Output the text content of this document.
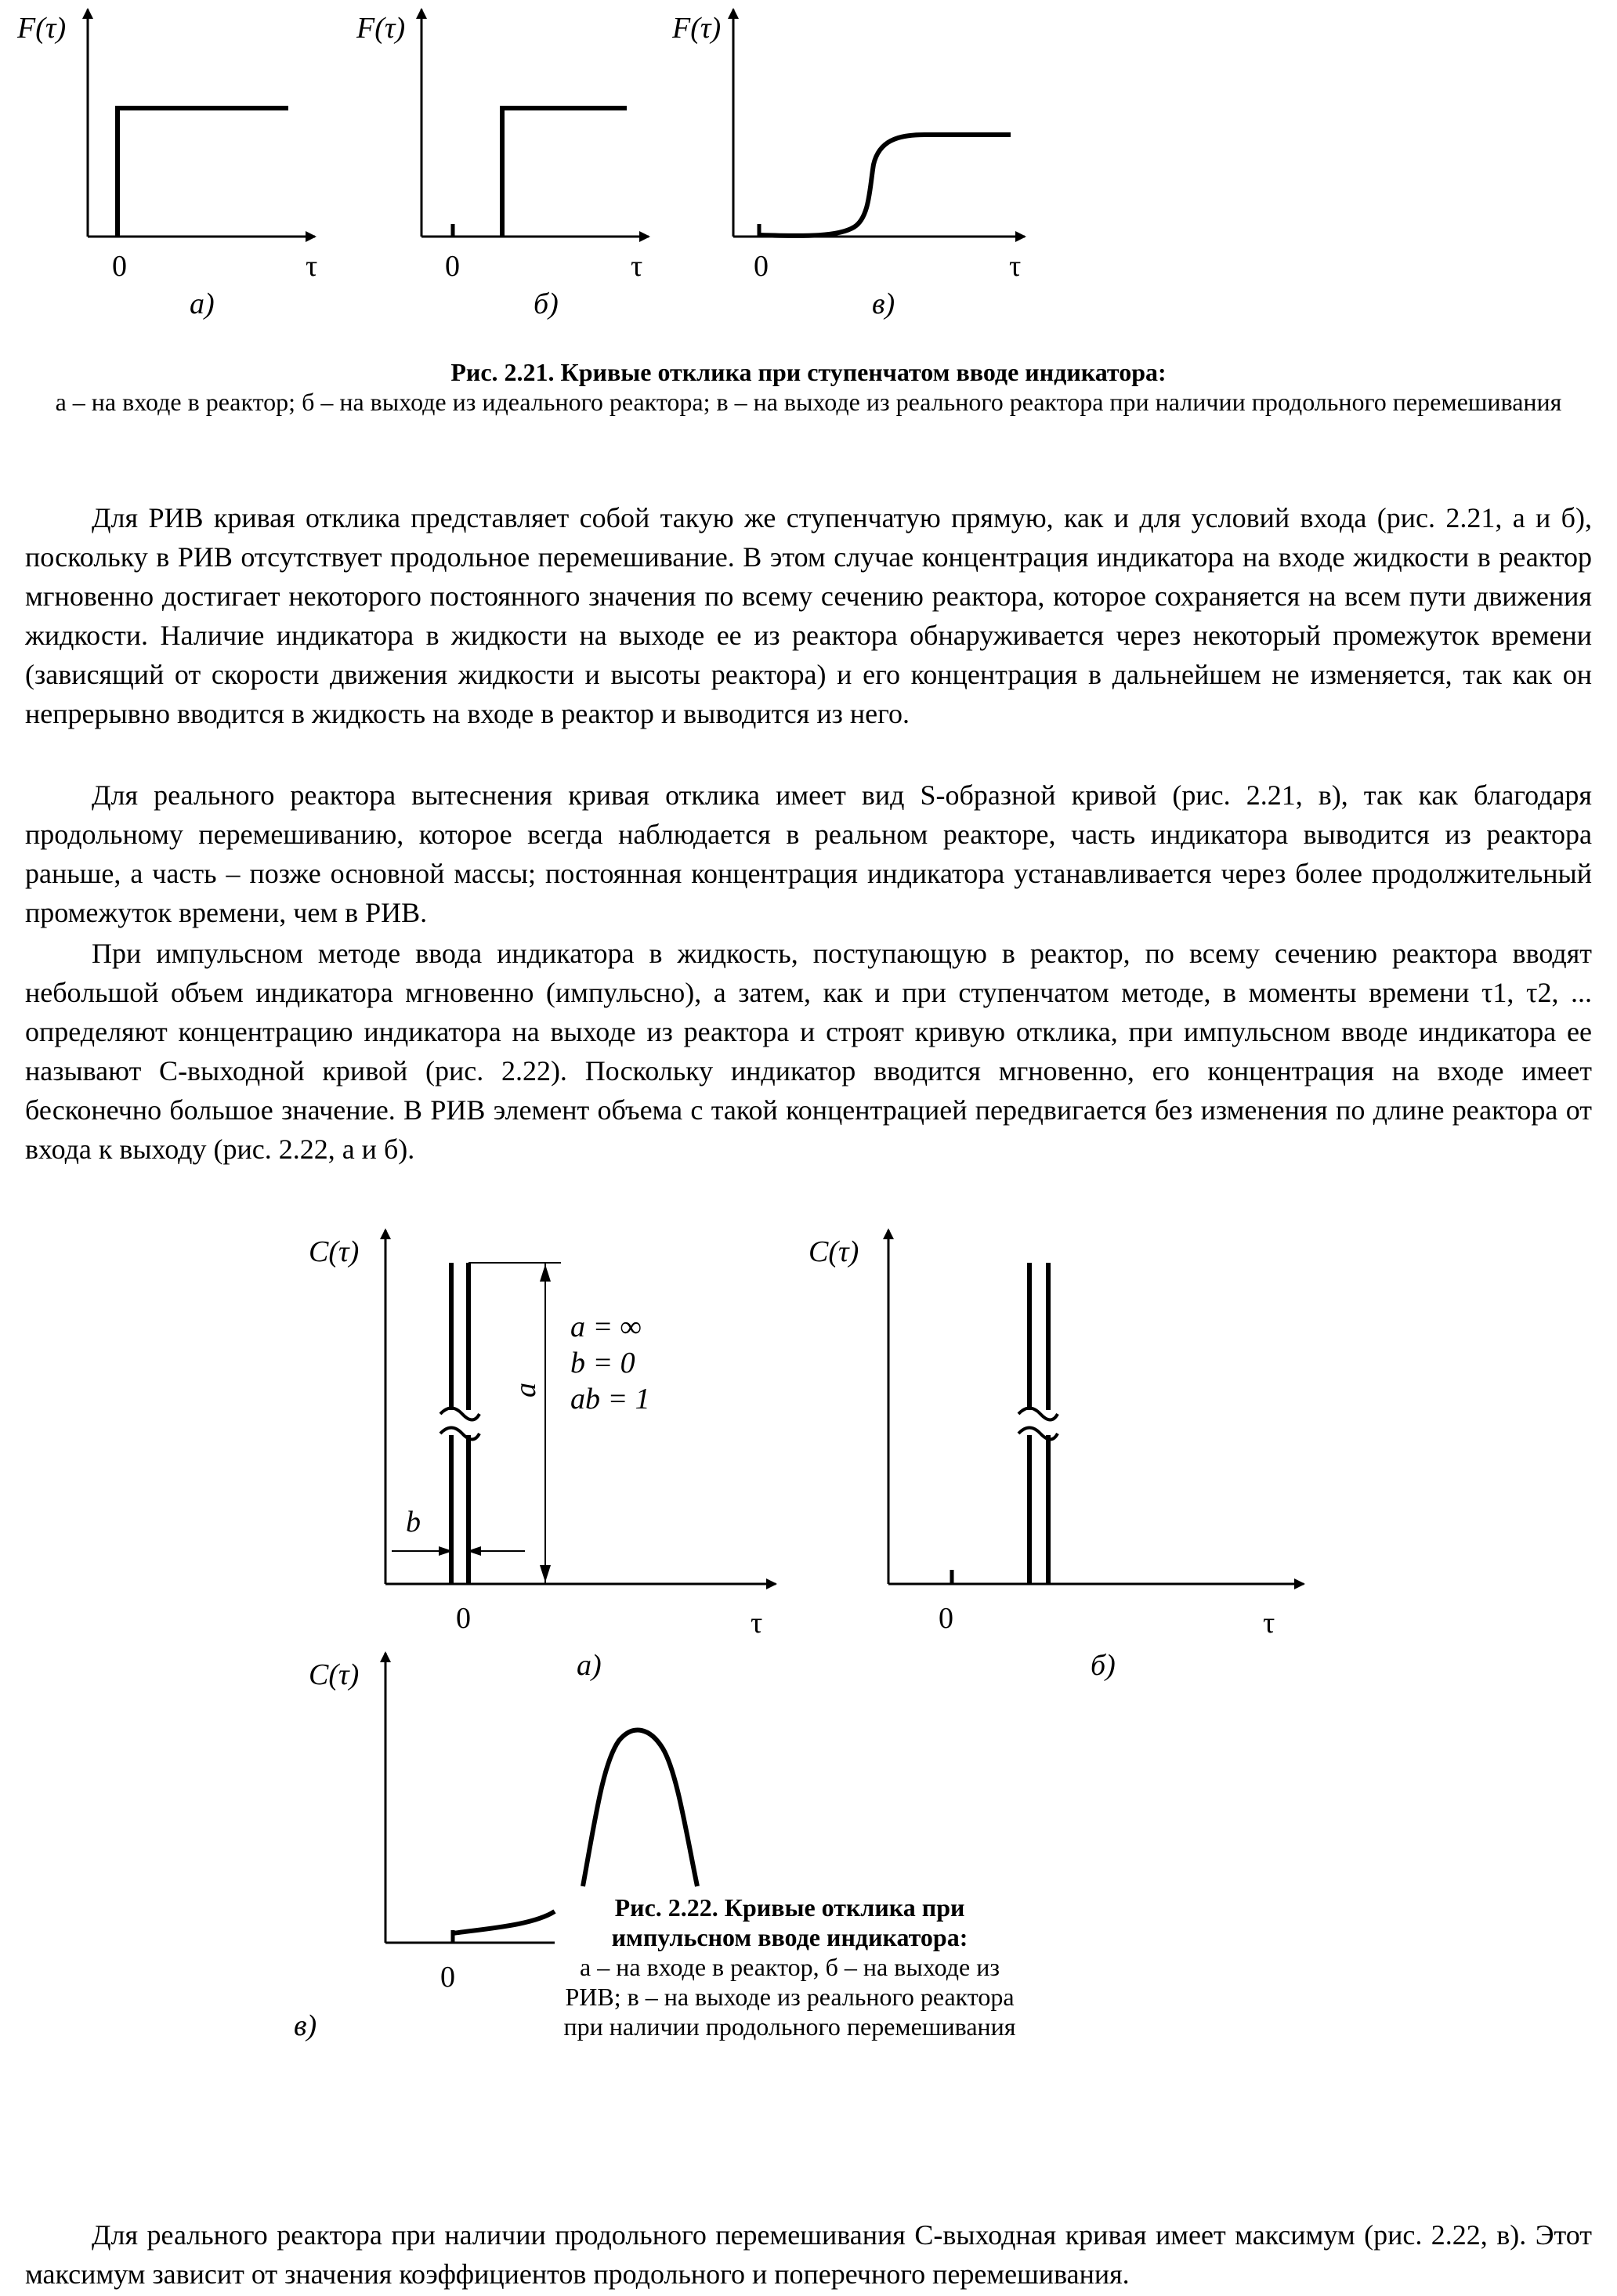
F(τ)
0	τ
а)
F(τ)
0	τ
б)
F(τ)
0	τ
в)
Рис. 2.21. Кривые отклика при ступенчатом вводе индикатора:
а – на входе в реактор; б – на выходе из идеального реактора; в – на выходе из реального реактора при наличии продольного перемешивания
Для РИВ кривая отклика представляет собой такую же ступенчатую прямую, как и для условий входа (рис. 2.21, а и б), поскольку в РИВ отсутствует продольное перемешивание. В этом случае концентрация индикатора на входе жидкости в реактор мгновенно достигает некоторого постоянного значения по всему сечению реактора, которое сохраняется на всем пути движения жидкости. Наличие индикатора в жидкости на выходе ее из реактора обнаруживается через некоторый промежуток времени (зависящий от скорости движения жидкости и высоты реактора) и его концентрация в дальнейшем не изменяется, так как он непрерывно вводится в жидкость на входе в реактор и выводится из него.
Для реального реактора вытеснения кривая отклика имеет вид S-образной кривой (рис. 2.21, в), так как благодаря продольному перемешиванию, которое всегда наблюдается в реальном реакторе, часть индикатора выводится из реактора раньше, а часть – позже основной массы; постоянная концентрация индикатора устанавливается через более продолжительный промежуток времени, чем в РИВ.
При импульсном методе ввода индикатора в жидкость, поступающую в реактор, по всему сечению реактора вводят небольшой объем индикатора мгновенно (импульсно), а затем, как и при ступенчатом методе, в моменты времени τ1, τ2, ... определяют концентрацию индикатора на выходе из реактора и строят кривую отклика, при импульсном вводе индикатора ее называют C-выходной кривой (рис. 2.22). Поскольку индикатор вводится мгновенно, его концентрация на входе имеет бесконечно большое значение. В РИВ элемент объема с такой концентрацией передвигается без изменения по длине реактора от входа к выходу (рис. 2.22, а и б).
a
b
a = ∞
b = 0
ab = 1
C(τ)
0	τ
а)
C(τ)
0	τ
б)
C(τ)
0
в)
Рис. 2.22. Кривые отклика при импульсном вводе индикатора:
а – на входе в реактор, б – на выходе из РИВ; в – на выходе из реального реактора при наличии продольного перемешивания
Для реального реактора при наличии продольного перемешивания C-выходная кривая имеет максимум (рис. 2.22, в). Этот максимум зависит от значения коэффициентов продольного и поперечного перемешивания.
